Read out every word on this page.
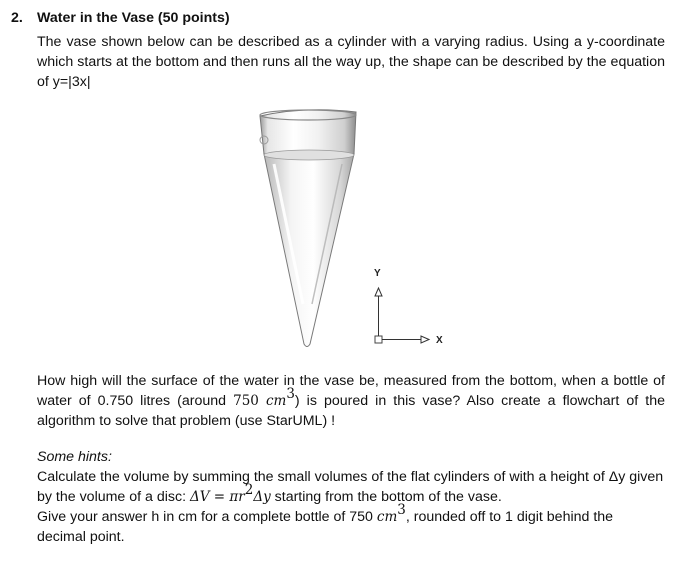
2. Water in the Vase (50 points)

The vase shown below can be described as a cylinder with a varying radius. Using a y-coordinate which starts at the bottom and then runs all the way up, the shape can be described by the equation of y=|3x|

Y
X

How high will the surface of the water in the vase be, measured from the bottom, when a bottle of water of 0.750 litres (around 750 $cm^3$) is poured in this vase? Also create a flowchart of the algorithm to solve that problem (use StarUML) !

Some hints:
Calculate the volume by summing the small volumes of the flat cylinders of with a height of Δy given by the volume of a disc: $\Delta V = \pi r^2\Delta y$ starting from the bottom of the vase.
Give your answer h in cm for a complete bottle of 750 $cm^3$, rounded off to 1 digit behind the decimal point.
